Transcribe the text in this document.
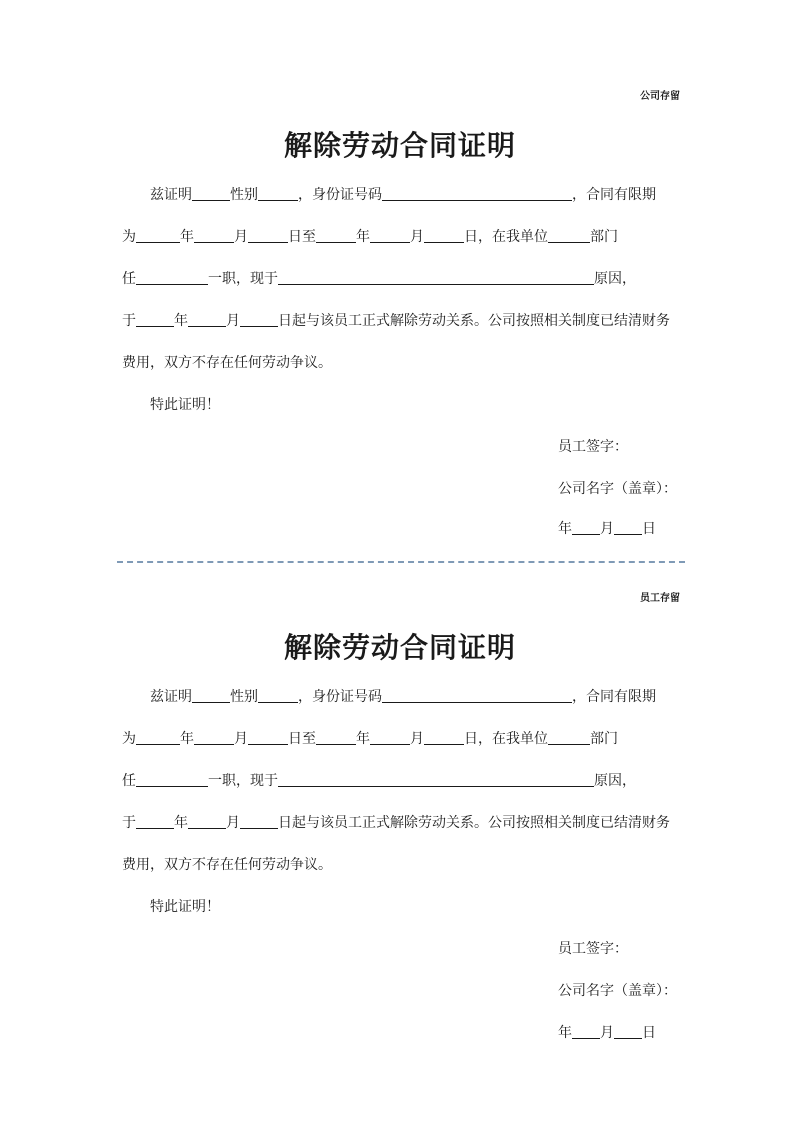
公司存留
解除劳动合同证明
兹证明	性别	，身份证号码	，合同有限期
为	年	月	日至	年	月	日，在我单位	部门
任	一职，现于	原因，
于	年	月	日起与该员工正式解除劳动关系。公司按照相关制度已结清财务
费用，双方不存在任何劳动争议。
特此证明！
员工签字：
公司名字（盖章）：
年 月 日
员工存留
解除劳动合同证明
兹证明	性别	，身份证号码	，合同有限期
为	年	月	日至	年	月	日，在我单位	部门
任	一职，现于	原因，
于	年	月	日起与该员工正式解除劳动关系。公司按照相关制度已结清财务
费用，双方不存在任何劳动争议。
特此证明！
员工签字：
公司名字（盖章）：
年 月 日
